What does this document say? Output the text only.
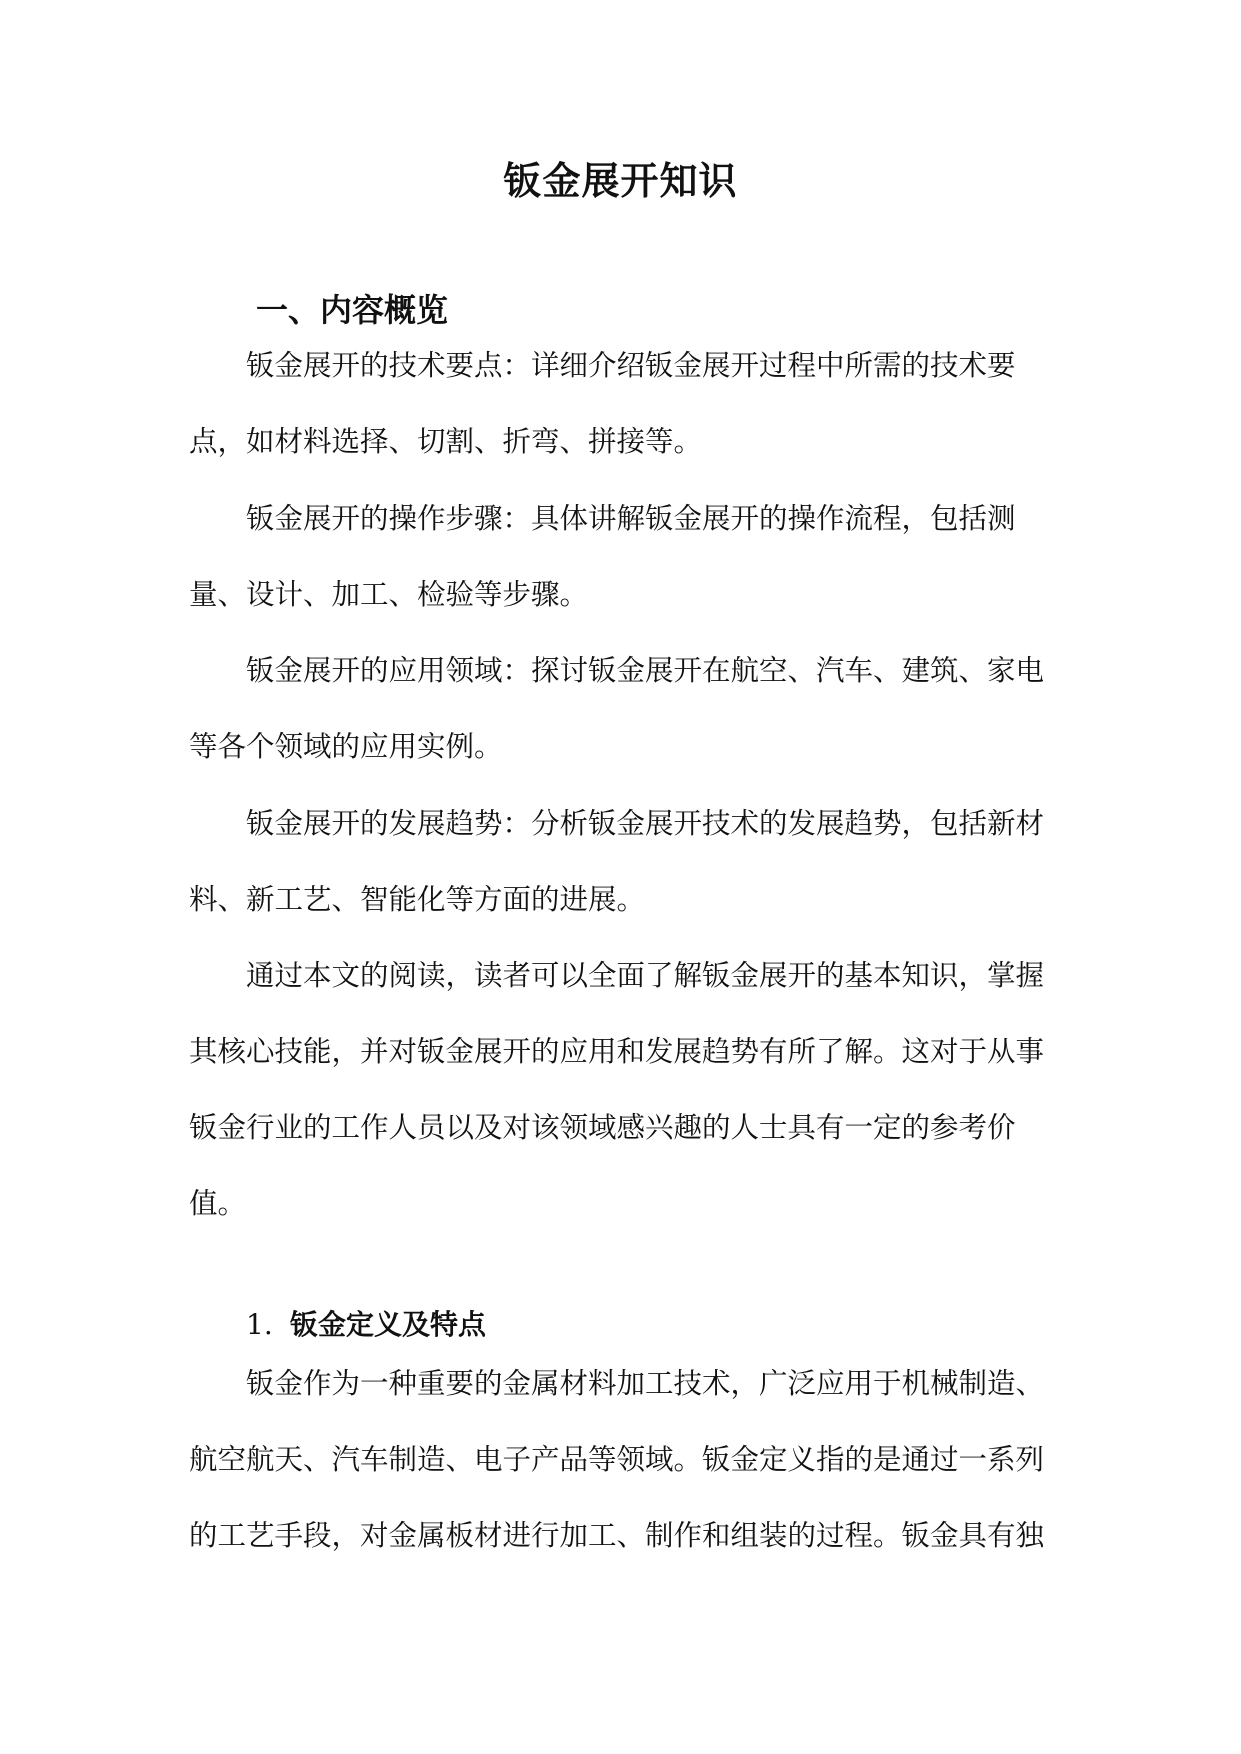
钣金展开知识
一、内容概览

钣金展开的技术要点：详细介绍钣金展开过程中所需的技术要点，如材料选择、切割、折弯、拼接等。

钣金展开的操作步骤：具体讲解钣金展开的操作流程，包括测量、设计、加工、检验等步骤。

钣金展开的应用领域：探讨钣金展开在航空、汽车、建筑、家电等各个领域的应用实例。

钣金展开的发展趋势：分析钣金展开技术的发展趋势，包括新材料、新工艺、智能化等方面的进展。

通过本文的阅读，读者可以全面了解钣金展开的基本知识，掌握其核心技能，并对钣金展开的应用和发展趋势有所了解。这对于从事钣金行业的工作人员以及对该领域感兴趣的人士具有一定的参考价值。

1. 钣金定义及特点

钣金作为一种重要的金属材料加工技术，广泛应用于机械制造、航空航天、汽车制造、电子产品等领域。钣金定义指的是通过一系列的工艺手段，对金属板材进行加工、制作和组装的过程。钣金具有独
